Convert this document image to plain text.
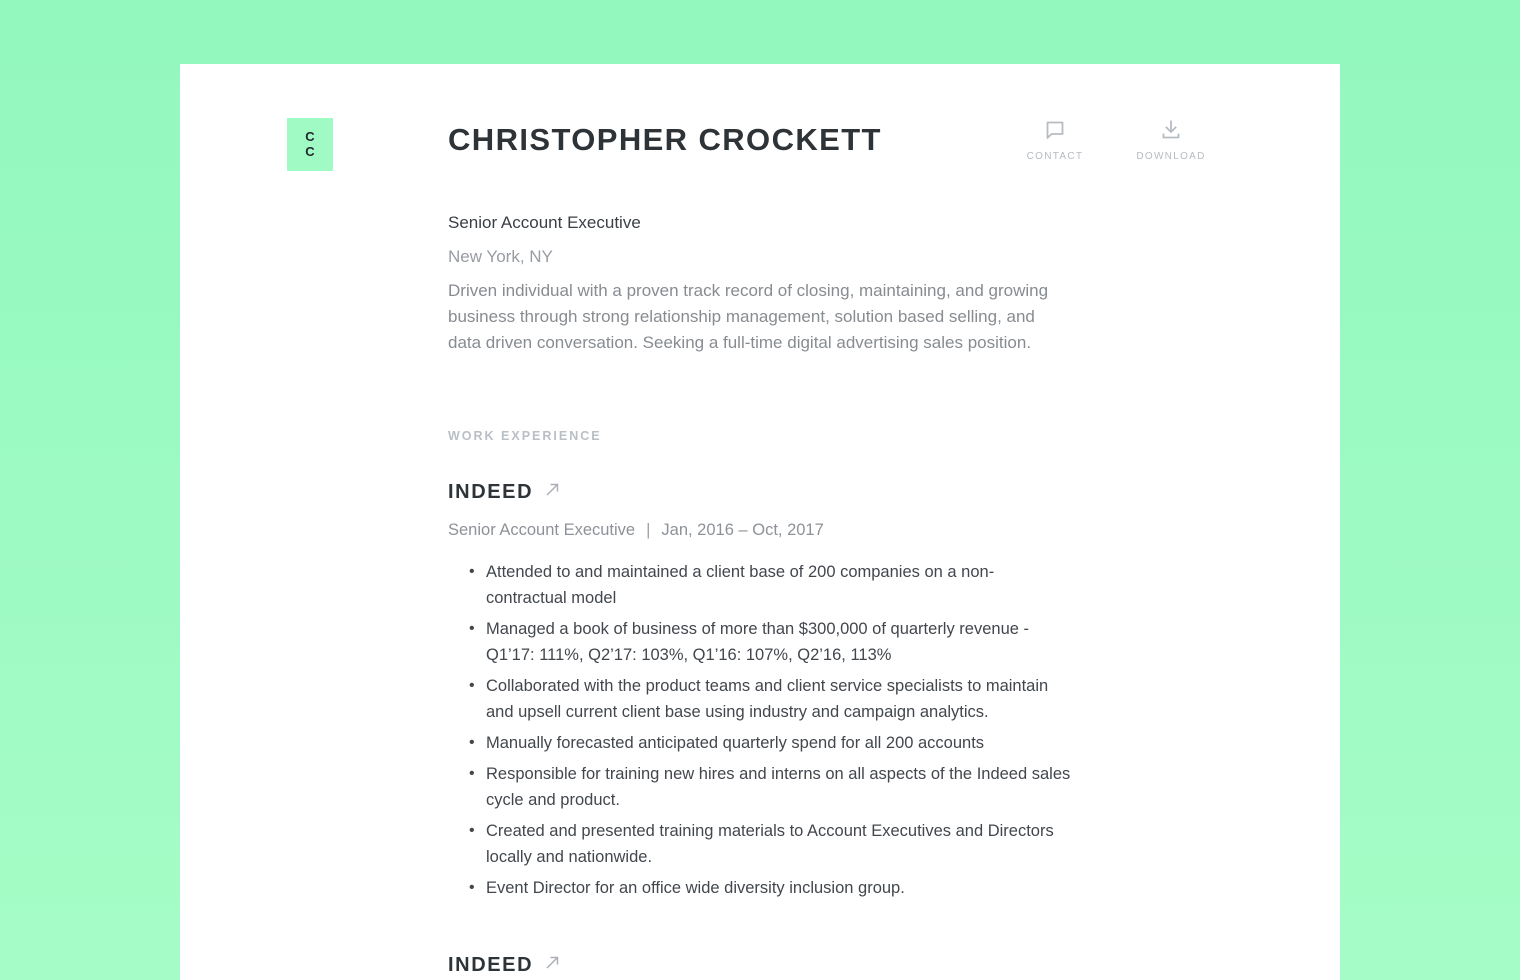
C
C	CHRISTOPHER CROCKETT	CONTACT	DOWNLOAD
Senior Account Executive
New York, NY
Driven individual with a proven track record of closing, maintaining, and growing business through strong relationship management, solution based selling, and data driven conversation. Seeking a full-time digital advertising sales position.
WORK EXPERIENCE
INDEED
Senior Account Executive | Jan, 2016 – Oct, 2017
• Attended to and maintained a client base of 200 companies on a non-contractual model
• Managed a book of business of more than $300,000 of quarterly revenue - Q1’17: 111%, Q2’17: 103%, Q1’16: 107%, Q2’16, 113%
• Collaborated with the product teams and client service specialists to maintain and upsell current client base using industry and campaign analytics.
• Manually forecasted anticipated quarterly spend for all 200 accounts
• Responsible for training new hires and interns on all aspects of the Indeed sales cycle and product.
• Created and presented training materials to Account Executives and Directors locally and nationwide.
• Event Director for an office wide diversity inclusion group.
INDEED
